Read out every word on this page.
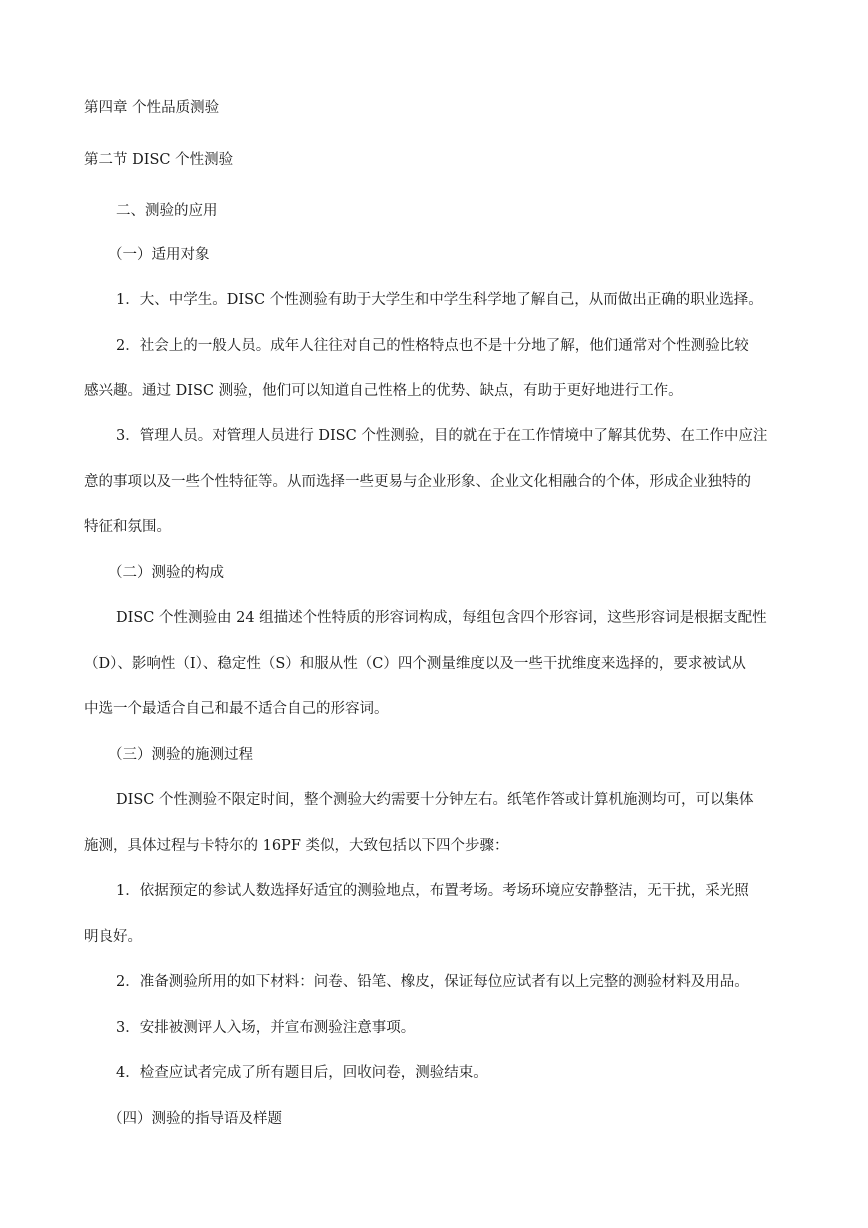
第四章 个性品质测验
第二节 DISC 个性测验
二、测验的应用
（一）适用对象
1．大、中学生。DISC 个性测验有助于大学生和中学生科学地了解自己，从而做出正确的职业选择。
2．社会上的一般人员。成年人往往对自己的性格特点也不是十分地了解，他们通常对个性测验比较
感兴趣。通过 DISC 测验，他们可以知道自己性格上的优势、缺点，有助于更好地进行工作。
3．管理人员。对管理人员进行 DISC 个性测验，目的就在于在工作情境中了解其优势、在工作中应注
意的事项以及一些个性特征等。从而选择一些更易与企业形象、企业文化相融合的个体，形成企业独特的
特征和氛围。
（二）测验的构成
DISC 个性测验由 24 组描述个性特质的形容词构成，每组包含四个形容词，这些形容词是根据支配性
（D）、影响性（I）、稳定性（S）和服从性（C）四个测量维度以及一些干扰维度来选择的，要求被试从
中选一个最适合自己和最不适合自己的形容词。
（三）测验的施测过程
DISC 个性测验不限定时间，整个测验大约需要十分钟左右。纸笔作答或计算机施测均可，可以集体
施测，具体过程与卡特尔的 16PF 类似，大致包括以下四个步骤：
1．依据预定的参试人数选择好适宜的测验地点，布置考场。考场环境应安静整洁，无干扰，采光照
明良好。
2．准备测验所用的如下材料：问卷、铅笔、橡皮，保证每位应试者有以上完整的测验材料及用品。
3．安排被测评人入场，并宣布测验注意事项。
4．检查应试者完成了所有题目后，回收问卷，测验结束。
（四）测验的指导语及样题
